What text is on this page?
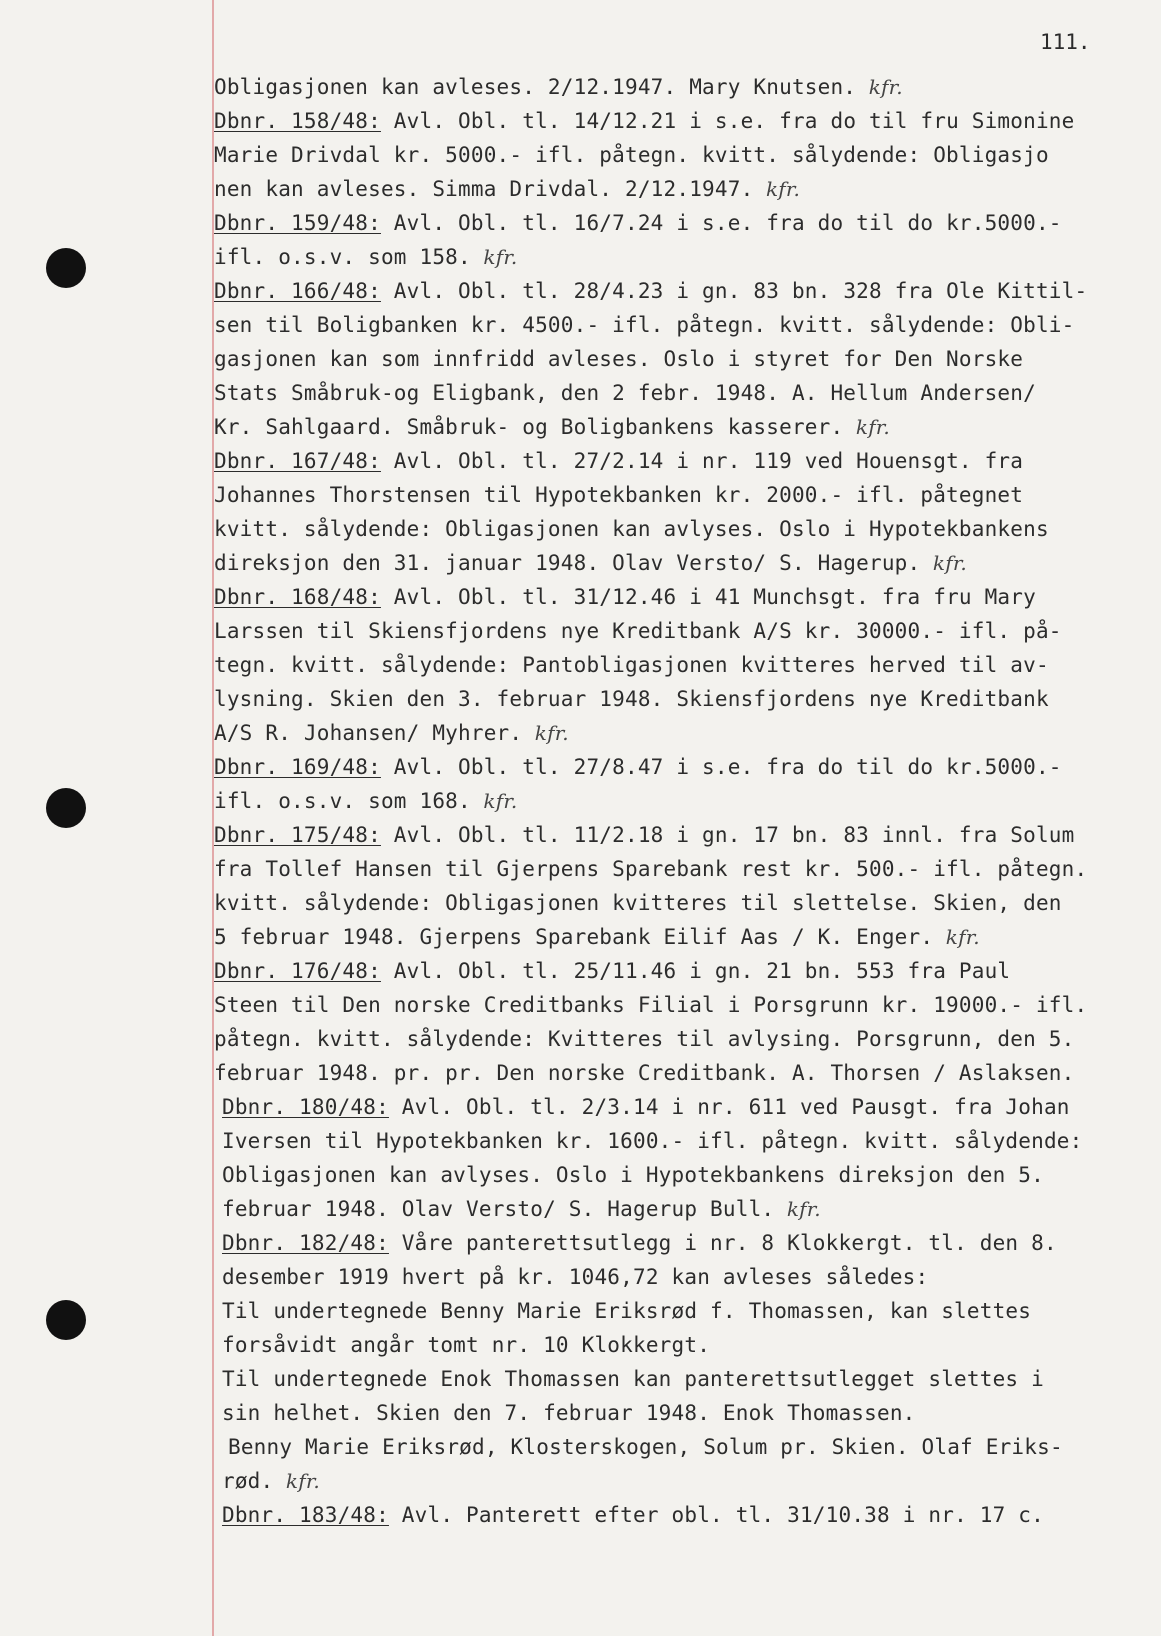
111.
Obligasjonen kan avleses. 2/12.1947. Mary Knutsen. kfr.
Dbnr. 158/48: Avl. Obl. tl. 14/12.21 i s.e. fra do til fru Simonine
Marie Drivdal kr. 5000.- ifl. påtegn. kvitt. sålydende: Obligasjo
nen kan avleses. Simma Drivdal. 2/12.1947. kfr.
Dbnr. 159/48: Avl. Obl. tl. 16/7.24 i s.e. fra do til do kr.5000.-
ifl. o.s.v. som 158. kfr.
Dbnr. 166/48: Avl. Obl. tl. 28/4.23 i gn. 83 bn. 328 fra Ole Kittil-
sen til Boligbanken kr. 4500.- ifl. påtegn. kvitt. sålydende: Obli-
gasjonen kan som innfridd avleses. Oslo i styret for Den Norske
Stats Småbruk-og Eligbank, den 2 febr. 1948. A. Hellum Andersen/
Kr. Sahlgaard. Småbruk- og Boligbankens kasserer. kfr.
Dbnr. 167/48: Avl. Obl. tl. 27/2.14 i nr. 119 ved Houensgt. fra
Johannes Thorstensen til Hypotekbanken kr. 2000.- ifl. påtegnet
kvitt. sålydende: Obligasjonen kan avlyses. Oslo i Hypotekbankens
direksjon den 31. januar 1948. Olav Versto/ S. Hagerup. kfr.
Dbnr. 168/48: Avl. Obl. tl. 31/12.46 i 41 Munchsgt. fra fru Mary
Larssen til Skiensfjordens nye Kreditbank A/S kr. 30000.- ifl. på-
tegn. kvitt. sålydende: Pantobligasjonen kvitteres herved til av-
lysning. Skien den 3. februar 1948. Skiensfjordens nye Kreditbank
A/S R. Johansen/ Myhrer. kfr.
Dbnr. 169/48: Avl. Obl. tl. 27/8.47 i s.e. fra do til do kr.5000.-
ifl. o.s.v. som 168. kfr.
Dbnr. 175/48: Avl. Obl. tl. 11/2.18 i gn. 17 bn. 83 innl. fra Solum
fra Tollef Hansen til Gjerpens Sparebank rest kr. 500.- ifl. påtegn.
kvitt. sålydende: Obligasjonen kvitteres til slettelse. Skien, den
5 februar 1948. Gjerpens Sparebank Eilif Aas / K. Enger. kfr.
Dbnr. 176/48: Avl. Obl. tl. 25/11.46 i gn. 21 bn. 553 fra Paul
Steen til Den norske Creditbanks Filial i Porsgrunn kr. 19000.- ifl.
påtegn. kvitt. sålydende: Kvitteres til avlysing. Porsgrunn, den 5.
februar 1948. pr. pr. Den norske Creditbank. A. Thorsen / Aslaksen.
Dbnr. 180/48: Avl. Obl. tl. 2/3.14 i nr. 611 ved Pausgt. fra Johan
Iversen til Hypotekbanken kr. 1600.- ifl. påtegn. kvitt. sålydende:
Obligasjonen kan avlyses. Oslo i Hypotekbankens direksjon den 5.
februar 1948. Olav Versto/ S. Hagerup Bull. kfr.
Dbnr. 182/48: Våre panterettsutlegg i nr. 8 Klokkergt. tl. den 8.
desember 1919 hvert på kr. 1046,72 kan avleses således:
Til undertegnede Benny Marie Eriksrød f. Thomassen, kan slettes
forsåvidt angår tomt nr. 10 Klokkergt.
Til undertegnede Enok Thomassen kan panterettsutlegget slettes i
sin helhet. Skien den 7. februar 1948. Enok Thomassen.
Benny Marie Eriksrød, Klosterskogen, Solum pr. Skien. Olaf Eriks-
rød. kfr.
Dbnr. 183/48: Avl. Panterett efter obl. tl. 31/10.38 i nr. 17 c.
